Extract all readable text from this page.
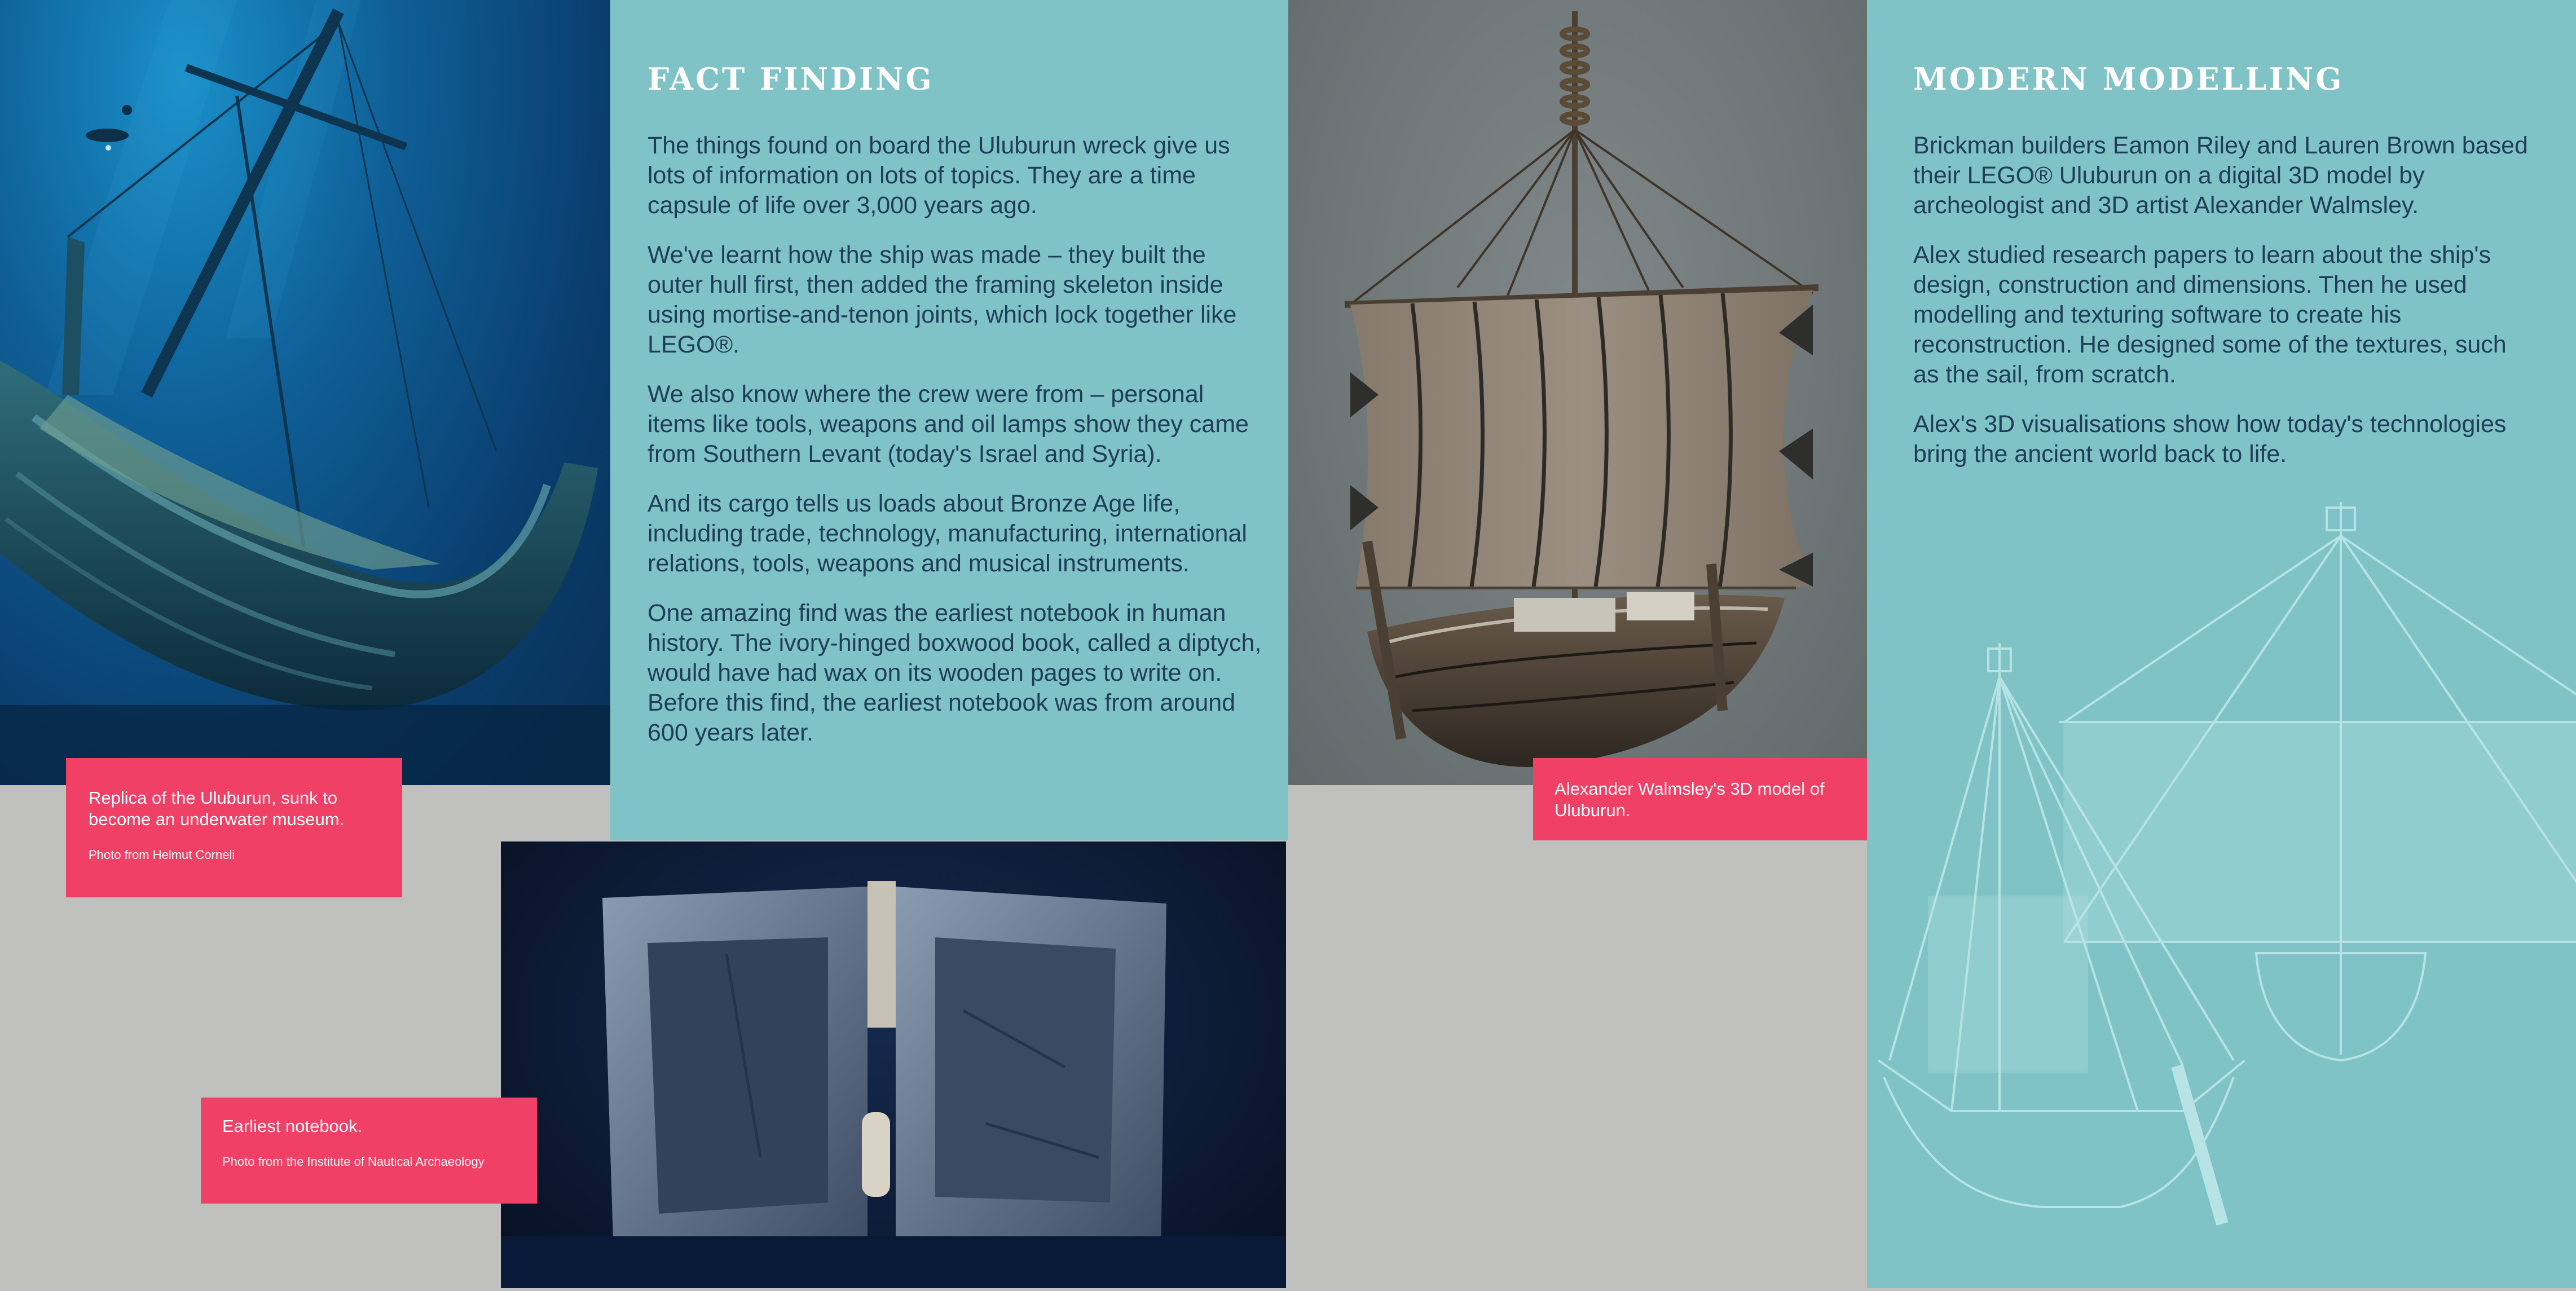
FACT FINDING

The things found on board the Uluburun wreck give us lots of information on lots of topics. They are a time capsule of life over 3,000 years ago.

We've learnt how the ship was made – they built the outer hull first, then added the framing skeleton inside using mortise-and-tenon joints, which lock together like LEGO®.

We also know where the crew were from – personal items like tools, weapons and oil lamps show they came from Southern Levant (today's Israel and Syria).

And its cargo tells us loads about Bronze Age life, including trade, technology, manufacturing, international relations, tools, weapons and musical instruments.

One amazing find was the earliest notebook in human history. The ivory-hinged boxwood book, called a diptych, would have had wax on its wooden pages to write on. Before this find, the earliest notebook was from around 600 years later.

MODERN MODELLING

Brickman builders Eamon Riley and Lauren Brown based their LEGO® Uluburun on a digital 3D model by archeologist and 3D artist Alexander Walmsley.

Alex studied research papers to learn about the ship's design, construction and dimensions. Then he used modelling and texturing software to create his reconstruction. He designed some of the textures, such as the sail, from scratch.

Alex's 3D visualisations show how today's technologies bring the ancient world back to life.

Replica of the Uluburun, sunk to become an underwater museum.

Photo from Helmut Corneli

Earliest notebook.

Photo from the Institute of Nautical Archaeology

Alexander Walmsley's 3D model of Uluburun.
